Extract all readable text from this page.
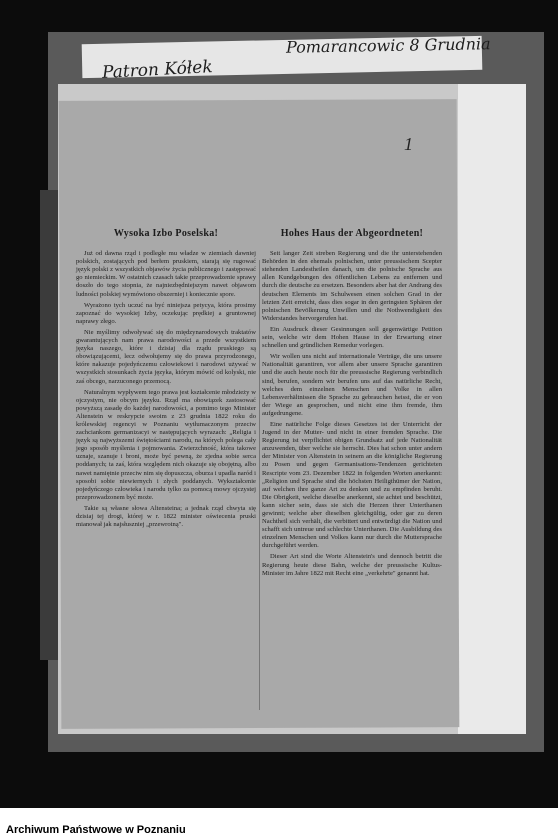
Pomarancowic 8 Grudnia
Patron Kółek
1
Wysoka Izbo Poselska!

Już od dawna rząd i podległe mu władze w ziemiach dawniej polskich, zostających pod berłem pruskiem, starają się rugować język polski z wszystkich objawów życia publicznego i zastępować go niemieckim. W ostatnich czasach takie przeprowadzenie sprawy doszło do tego stopnia, że najniezbędniejszym nawet objawom ludności polskiej wymówiono obszerniej i koniecznie spore.

Wyrażono tych uczuć na być niniejsza petycya, która prosimy zapoznać do wysokiej Izby, oczekując prędkiej a gruntownej naprawy złego.

Nie myślimy odwoływać się do międzynarodowych traktatów gwarantujących nam prawa narodowości a przede wszystkiem języka naszego, które i dzisiaj dla rządu pruskiego są obowiązującemi, lecz odwołujemy się do prawa przyrodzonego, które nakazuje pojedyńczemu człowiekowi i narodowi używać w wszystkich stosunkach życia języka, którym mówić od kolyski, nie zaś obcego, narzuconego przemocą.

Naturalnym wypływem tego prawa jest kształcenie młodzieży w ojczystym, nie obcym języku. Rząd ma obowiązek zastosować powyższą zasadę do każdej narodowości, a pomimo tego Minister Altenstein w reskrypcie swoim z 23 grudnia 1822 roku do królewskiej regencyi w Poznaniu wytłumaczonym przeciw zachciankom germanizacyi w następujących wyrazach: „Religia i język są najwyższemi świętościami narodu, na których polega cały jego sposób myślenia i pojmowania. Zwierzchność, która takowe uznaje, szanuje i broni, może być pewną, że zjedna sobie serca poddanych; ta zaś, która względem nich okazuje się obojętną, albo nawet namiętnie przeciw nim się dopuszcza, oburza i upadla naród i sposobi sobie niewiernych i złych poddanych. Wykształcenie pojedyńczego człowieka i narodu tylko za pomocą mowy ojczystej przeprowadzonem być może.

Takie są własne słowa Altensteina; a jednak rząd chwyta się dzisiaj tej drogi, której w r. 1822 minister oświecenia pruski mianował jak najsłuszniej „przewrotną".

Hohes Haus der Abgeordneten!

Seit langer Zeit streben Regierung und die ihr unterstehenden Behörden in den ehemals polnischen, unter preussischem Scepter stehenden Landestheilen danach, um die polnische Sprache aus allen Kundgebungen des öffentlichen Lebens zu entfernen und durch die deutsche zu ersetzen. Besonders aber hat der Andrang des deutschen Elements im Schulwesen einen solchen Grad in der letzten Zeit erreicht, dass dies sogar in den geringsten Sphären der polnischen Bevölkerung Unwillen und die Nothwendigkeit des Widerstandes hervorgerufen hat.

Ein Ausdruck dieser Gesinnungen soll gegenwärtige Petition sein, welche wir dem Hohen Hause in der Erwartung einer schnellen und gründlichen Remedur vorlegen.

Wir wollen uns nicht auf internationale Verträge, die uns unsere Nationalität garantiren, vor allem aber unsere Sprache garantiren und die auch heute noch für die preussische Regierung verbindlich sind, berufen, sondern wir berufen uns auf das natürliche Recht, welches dem einzelnen Menschen und Volke in allen Lebensverhältnissen die Sprache zu gebrauchen heisst, die er von der Wiege an gesprochen, und nicht eine ihm fremde, ihm aufgedrungene.

Eine natürliche Folge dieses Gesetzes ist der Unterricht der Jugend in der Mutter- und nicht in einer fremden Sprache. Die Regierung ist verpflichtet obigen Grundsatz auf jede Nationalität anzuwenden, über welche sie herrscht. Dies hat schon unter andern der Minister von Altenstein in seinem an die königliche Regierung zu Posen und gegen Germanisations-Tendenzen gerichteten Rescripte vom 23. Dezember 1822 in folgenden Worten anerkannt: „Religion und Sprache sind die höchsten Heiligthümer der Nation, auf welchen ihre ganze Art zu denken und zu empfinden beruht. Die Obrigkeit, welche dieselbe anerkennt, sie achtet und beschützt, kann sicher sein, dass sie sich die Herzen ihrer Unterthanen gewinnt; welche aber dieselben gleichgültig, oder gar zu deren Nachtheil sich verhält, die verbittert und entwürdigt die Nation und schafft sich untreue und schlechte Unterthanen. Die Ausbildung des einzelnen Menschen und Volkes kann nur durch die Muttersprache durchgeführt werden.

Dieser Art sind die Worte Altenstein's und dennoch betritt die Regierung heute diese Bahn, welche der preussische Kultus-Minister im Jahre 1822 mit Recht eine „verkehrte" genannt hat.

Archiwum Państwowe w Poznaniu
